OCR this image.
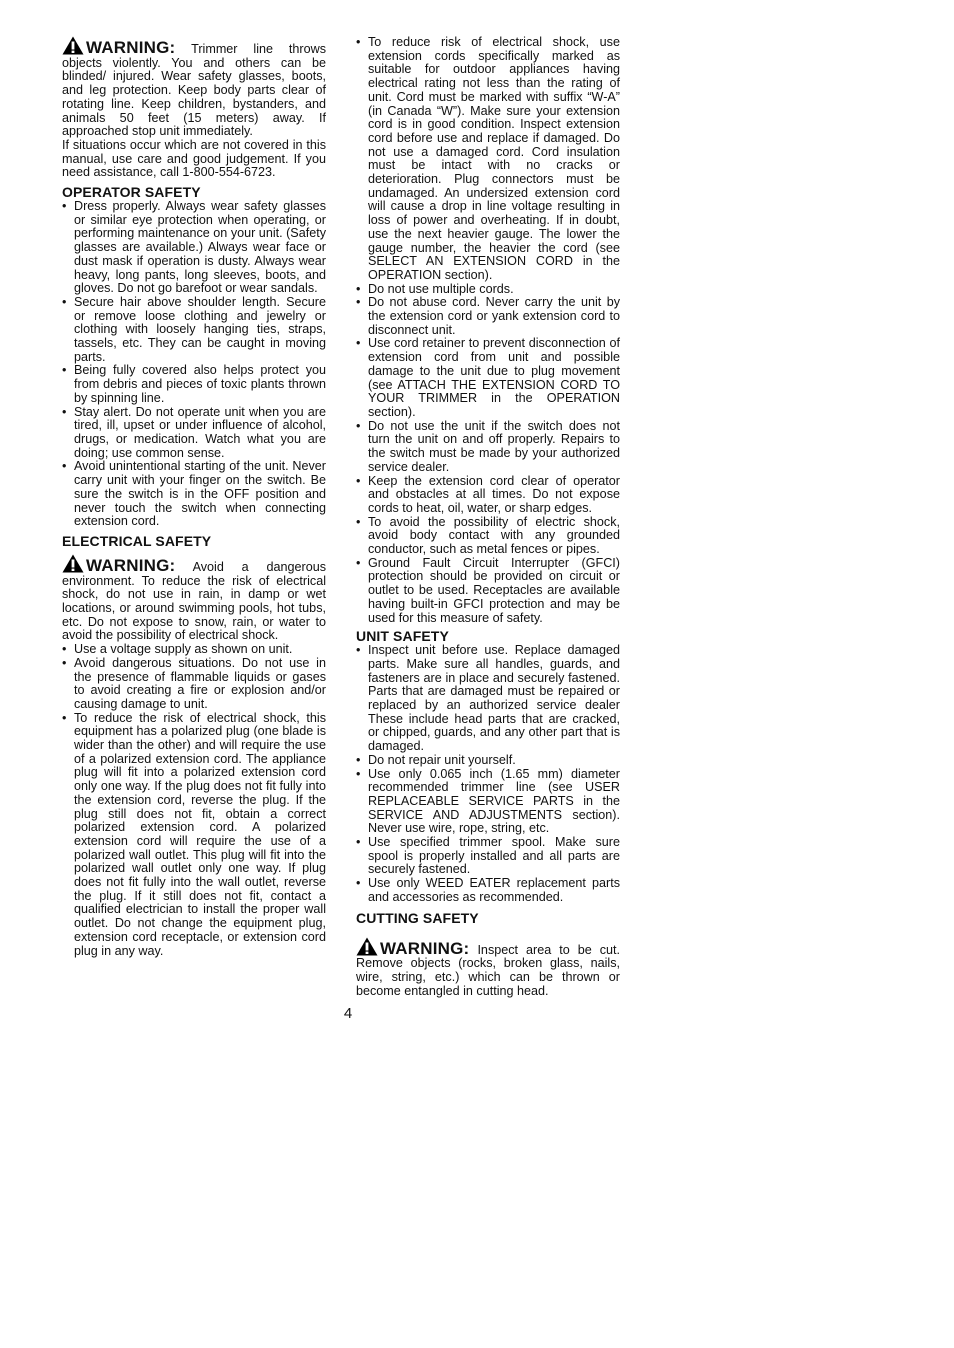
WARNING: Trimmer line throws objects violently. You and others can be blinded/ injured. Wear safety glasses, boots, and leg protection. Keep body parts clear of rotating line. Keep children, bystanders, and animals 50 feet (15 meters) away. If approached stop unit immediately.

If situations occur which are not covered in this manual, use care and good judgement. If you need assistance, call 1-800-554-6723.

OPERATOR SAFETY

• Dress properly. Always wear safety glasses or similar eye protection when operating, or performing maintenance on your unit. (Safety glasses are available.) Always wear face or dust mask if operation is dusty. Always wear heavy, long pants, long sleeves, boots, and gloves. Do not go barefoot or wear sandals.
• Secure hair above shoulder length. Secure or remove loose clothing and jewelry or clothing with loosely hanging ties, straps, tassels, etc. They can be caught in moving parts.
• Being fully covered also helps protect you from debris and pieces of toxic plants thrown by spinning line.
• Stay alert. Do not operate unit when you are tired, ill, upset or under influence of alcohol, drugs, or medication. Watch what you are doing; use common sense.
• Avoid unintentional starting of the unit. Never carry unit with your finger on the switch. Be sure the switch is in the OFF position and never touch the switch when connecting extension cord.

ELECTRICAL SAFETY

WARNING: Avoid a dangerous environment. To reduce the risk of electrical shock, do not use in rain, in damp or wet locations, or around swimming pools, hot tubs, etc. Do not expose to snow, rain, or water to avoid the possibility of electrical shock.

• Use a voltage supply as shown on unit.
• Avoid dangerous situations. Do not use in the presence of flammable liquids or gases to avoid creating a fire or explosion and/or causing damage to unit.
• To reduce the risk of electrical shock, this equipment has a polarized plug (one blade is wider than the other) and will require the use of a polarized extension cord. The appliance plug will fit into a polarized extension cord only one way. If the plug does not fit fully into the extension cord, reverse the plug. If the plug still does not fit, obtain a correct polarized extension cord. A polarized extension cord will require the use of a polarized wall outlet. This plug will fit into the polarized wall outlet only one way. If plug does not fit fully into the wall outlet, reverse the plug. If it still does not fit, contact a qualified electrician to install the proper wall outlet. Do not change the equipment plug, extension cord receptacle, or extension cord plug in any way.
• To reduce risk of electrical shock, use extension cords specifically marked as suitable for outdoor appliances having electrical rating not less than the rating of unit. Cord must be marked with suffix “W-A” (in Canada “W”). Make sure your extension cord is in good condition. Inspect extension cord before use and replace if damaged. Do not use a damaged cord. Cord insulation must be intact with no cracks or deterioration. Plug connectors must be undamaged. An undersized extension cord will cause a drop in line voltage resulting in loss of power and overheating. If in doubt, use the next heavier gauge. The lower the gauge number, the heavier the cord (see SELECT AN EXTENSION CORD in the OPERATION section).
• Do not use multiple cords.
• Do not abuse cord. Never carry the unit by the extension cord or yank extension cord to disconnect unit.
• Use cord retainer to prevent disconnection of extension cord from unit and possible damage to the unit due to plug movement (see ATTACH THE EXTENSION CORD TO YOUR TRIMMER in the OPERATION section).
• Do not use the unit if the switch does not turn the unit on and off properly. Repairs to the switch must be made by your authorized service dealer.
• Keep the extension cord clear of operator and obstacles at all times. Do not expose cords to heat, oil, water, or sharp edges.
• To avoid the possibility of electric shock, avoid body contact with any grounded conductor, such as metal fences or pipes.
• Ground Fault Circuit Interrupter (GFCI) protection should be provided on circuit or outlet to be used. Receptacles are available having built-in GFCI protection and may be used for this measure of safety.

UNIT SAFETY

• Inspect unit before use. Replace damaged parts. Make sure all handles, guards, and fasteners are in place and securely fastened. Parts that are damaged must be repaired or replaced by an authorized service dealer These include head parts that are cracked, or chipped, guards, and any other part that is damaged.
• Do not repair unit yourself.
• Use only 0.065 inch (1.65 mm) diameter recommended trimmer line (see USER REPLACEABLE SERVICE PARTS in the SERVICE AND ADJUSTMENTS section). Never use wire, rope, string, etc.
• Use specified trimmer spool. Make sure spool is properly installed and all parts are securely fastened.
• Use only WEED EATER replacement parts and accessories as recommended.

CUTTING SAFETY

WARNING: Inspect area to be cut. Remove objects (rocks, broken glass, nails, wire, string, etc.) which can be thrown or become entangled in cutting head.

4
